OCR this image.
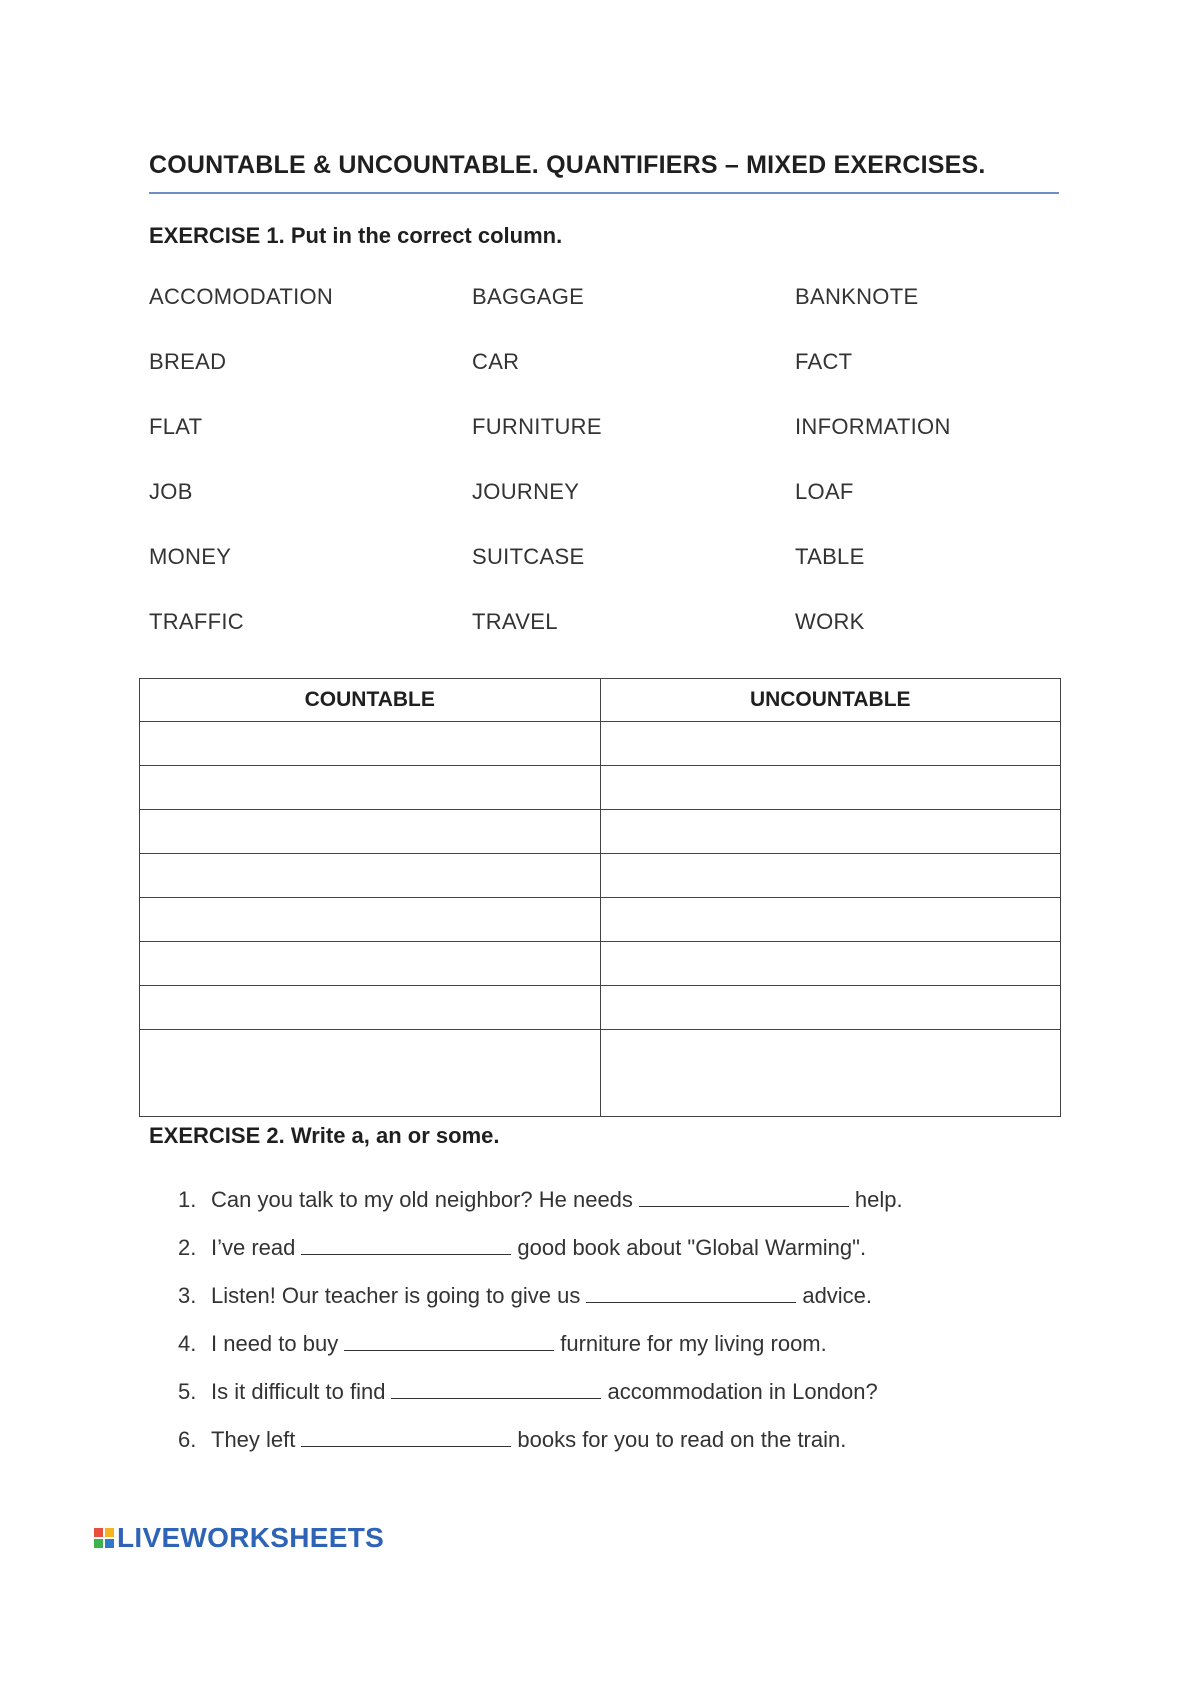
COUNTABLE & UNCOUNTABLE. QUANTIFIERS – MIXED EXERCISES.
EXERCISE 1. Put in the correct column.
ACCOMODATION	BAGGAGE	BANKNOTE
BREAD	CAR	FACT
FLAT	FURNITURE	INFORMATION
JOB	JOURNEY	LOAF
MONEY	SUITCASE	TABLE
TRAFFIC	TRAVEL	WORK
COUNTABLE	UNCOUNTABLE

EXERCISE 2. Write a, an or some.
1. Can you talk to my old neighbor? He needs	help.
2. I’ve read	good book about "Global Warming".
3. Listen! Our teacher is going to give us	advice.
4. I need to buy	furniture for my living room.
5. Is it difficult to find	accommodation in London?
6. They left	books for you to read on the train.
LIVEWORKSHEETS
